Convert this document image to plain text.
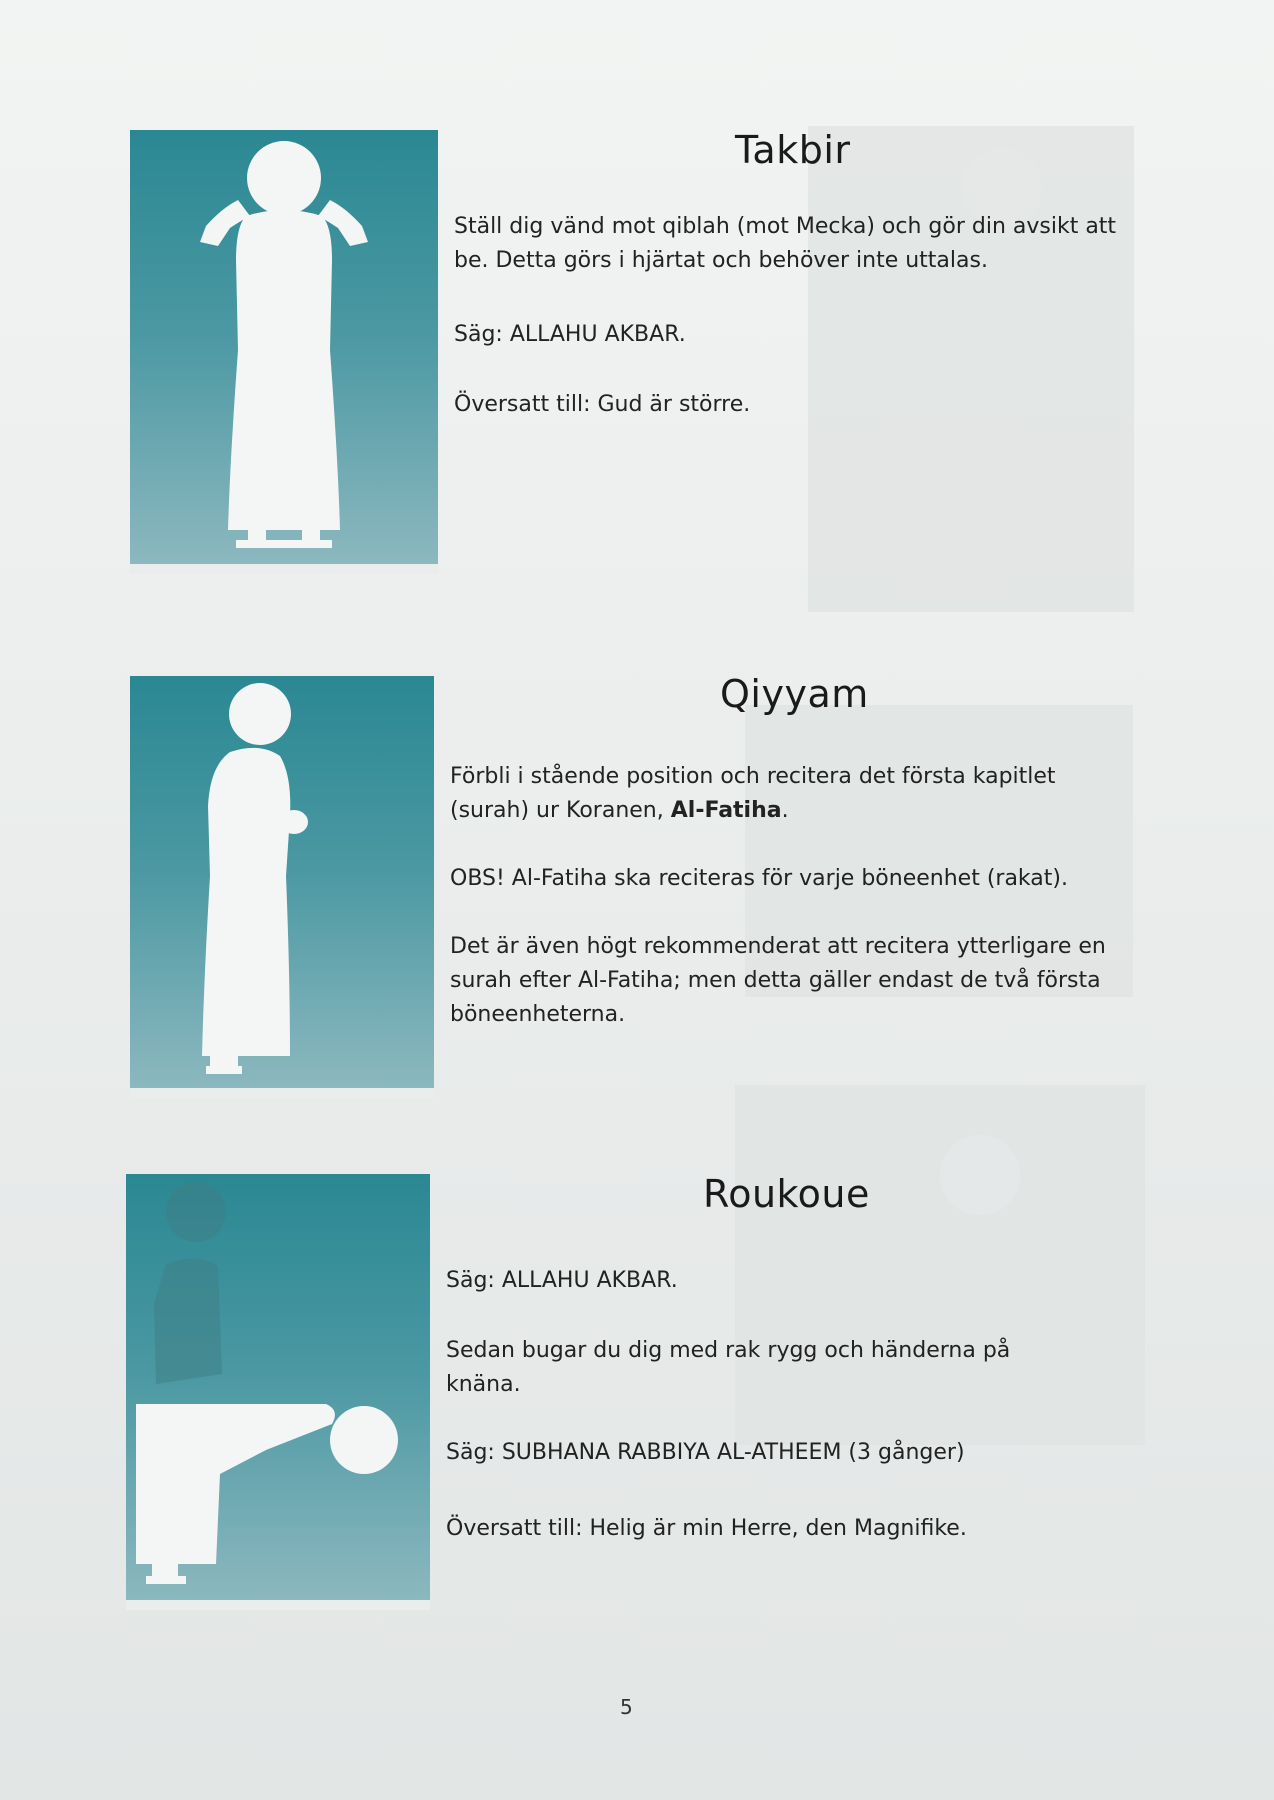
Takbir

Ställ dig vänd mot qiblah (mot Mecka) och gör din avsikt att be. Detta görs i hjärtat och behöver inte uttalas.

Säg: ALLAHU AKBAR.

Översatt till: Gud är större.

Qiyyam

Förbli i stående position och recitera det första kapitlet (surah) ur Koranen, Al-Fatiha.

OBS! Al-Fatiha ska reciteras för varje böneenhet (rakat).

Det är även högt rekommenderat att recitera ytterligare en surah efter Al-Fatiha; men detta gäller endast de två första böneenheterna.

Roukoue

Säg: ALLAHU AKBAR.

Sedan bugar du dig med rak rygg och händerna på knäna.

Säg: SUBHANA RABBIYA AL-ATHEEM (3 gånger)

Översatt till: Helig är min Herre, den Magnifike.

5
